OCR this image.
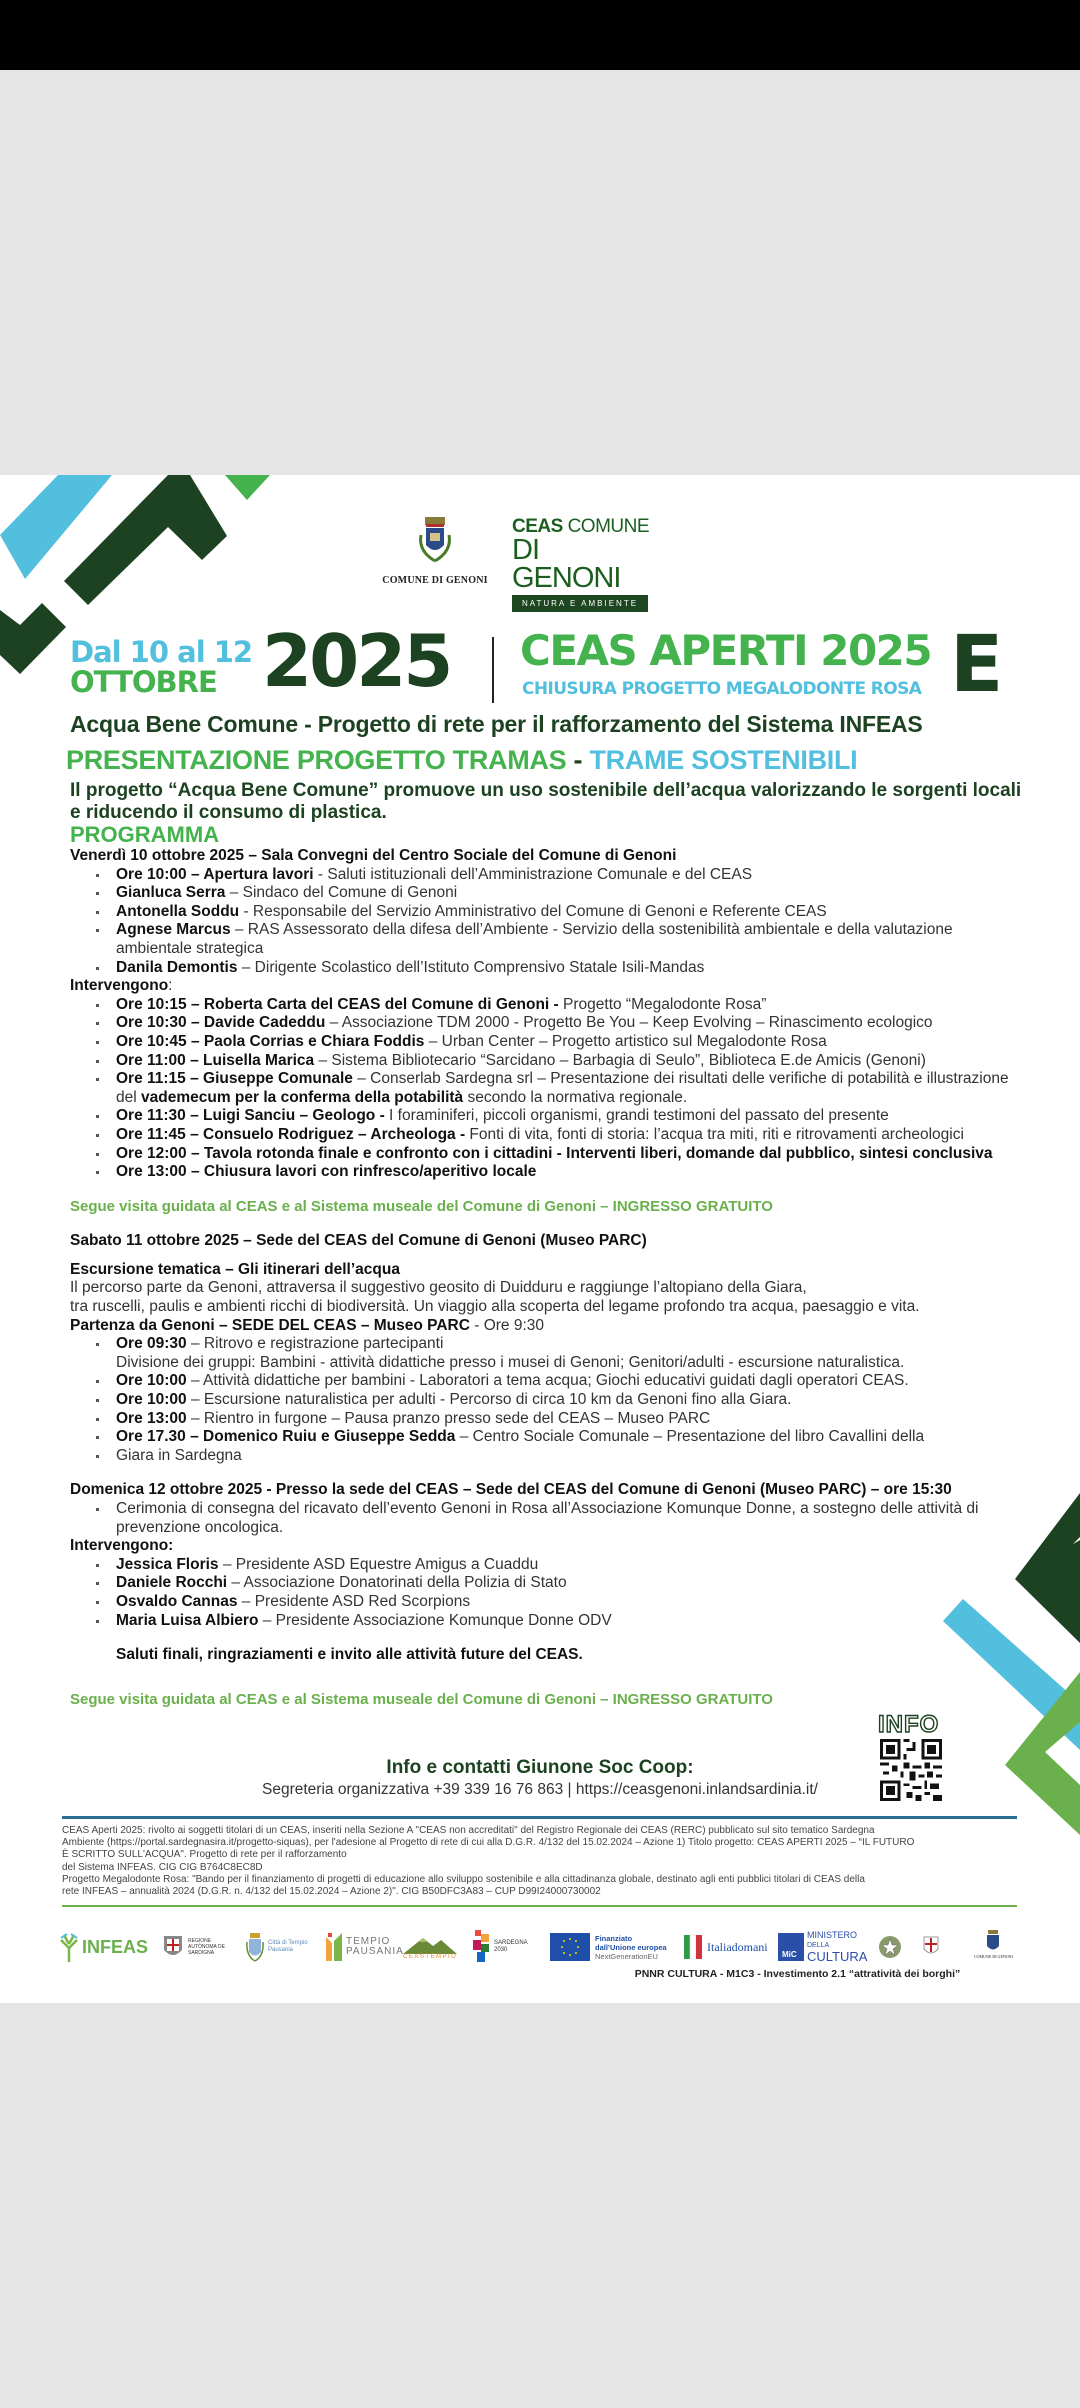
COMUNE DI GENONI
CEAS COMUNE
DI GENONI
NATURA E AMBIENTE
Dal 10 al 12
OTTOBRE 2025 CEAS APERTI 2025
CHIUSURA PROGETTO MEGALODONTE ROSA E
Acqua Bene Comune - Progetto di rete per il rafforzamento del Sistema INFEAS
PRESENTAZIONE PROGETTO TRAMAS - TRAME SOSTENIBILI
Il progetto “Acqua Bene Comune” promuove un uso sostenibile dell’acqua valorizzando le sorgenti locali e riducendo il consumo di plastica.
PROGRAMMA
Venerdì 10 ottobre 2025 – Sala Convegni del Centro Sociale del Comune di Genoni
Ore 10:00 – Apertura lavori - Saluti istituzionali dell’Amministrazione Comunale e del CEAS
Gianluca Serra – Sindaco del Comune di Genoni
Antonella Soddu - Responsabile del Servizio Amministrativo del Comune di Genoni e Referente CEAS
Agnese Marcus – RAS Assessorato della difesa dell’Ambiente - Servizio della sostenibilità ambientale e della valutazione ambientale strategica
Danila Demontis – Dirigente Scolastico dell’Istituto Comprensivo Statale Isili-Mandas
Intervengono:
Ore 10:15 – Roberta Carta del CEAS del Comune di Genoni - Progetto “Megalodonte Rosa”
Ore 10:30 – Davide Cadeddu – Associazione TDM 2000 - Progetto Be You – Keep Evolving – Rinascimento ecologico
Ore 10:45 – Paola Corrias e Chiara Foddis – Urban Center – Progetto artistico sul Megalodonte Rosa
Ore 11:00 – Luisella Marica – Sistema Bibliotecario “Sarcidano – Barbagia di Seulo”, Biblioteca E.de Amicis (Genoni)
Ore 11:15 – Giuseppe Comunale – Conserlab Sardegna srl – Presentazione dei risultati delle verifiche di potabilità e illustrazione del vademecum per la conferma della potabilità secondo la normativa regionale.
Ore 11:30 – Luigi Sanciu – Geologo - I foraminiferi, piccoli organismi, grandi testimoni del passato del presente
Ore 11:45 – Consuelo Rodriguez – Archeologa - Fonti di vita, fonti di storia: l’acqua tra miti, riti e ritrovamenti archeologici
Ore 12:00 – Tavola rotonda finale e confronto con i cittadini - Interventi liberi, domande dal pubblico, sintesi conclusiva
Ore 13:00 – Chiusura lavori con rinfresco/aperitivo locale
Segue visita guidata al CEAS e al Sistema museale del Comune di Genoni – INGRESSO GRATUITO
Sabato 11 ottobre 2025 – Sede del CEAS del Comune di Genoni (Museo PARC)
Escursione tematica – Gli itinerari dell’acqua
Il percorso parte da Genoni, attraversa il suggestivo geosito di Duidduru e raggiunge l’altopiano della Giara,
tra ruscelli, paulis e ambienti ricchi di biodiversità. Un viaggio alla scoperta del legame profondo tra acqua, paesaggio e vita.
Partenza da Genoni – SEDE DEL CEAS – Museo PARC - Ore 9:30
Ore 09:30 – Ritrovo e registrazione partecipanti
Divisione dei gruppi: Bambini - attività didattiche presso i musei di Genoni; Genitori/adulti - escursione naturalistica.
Ore 10:00 – Attività didattiche per bambini - Laboratori a tema acqua; Giochi educativi guidati dagli operatori CEAS.
Ore 10:00 – Escursione naturalistica per adulti - Percorso di circa 10 km da Genoni fino alla Giara.
Ore 13:00 – Rientro in furgone – Pausa pranzo presso sede del CEAS – Museo PARC
Ore 17.30 – Domenico Ruiu e Giuseppe Sedda – Centro Sociale Comunale – Presentazione del libro Cavallini della
Giara in Sardegna
Domenica 12 ottobre 2025 - Presso la sede del CEAS – Sede del CEAS del Comune di Genoni (Museo PARC) – ore 15:30
Cerimonia di consegna del ricavato dell’evento Genoni in Rosa all’Associazione Komunque Donne, a sostegno delle attività di prevenzione oncologica.
Intervengono:
Jessica Floris – Presidente ASD Equestre Amigus a Cuaddu
Daniele Rocchi – Associazione Donatorinati della Polizia di Stato
Osvaldo Cannas – Presidente ASD Red Scorpions
Maria Luisa Albiero – Presidente Associazione Komunque Donne ODV
Saluti finali, ringraziamenti e invito alle attività future del CEAS.
Segue visita guidata al CEAS e al Sistema museale del Comune di Genoni – INGRESSO GRATUITO
INFO
Info e contatti Giunone Soc Coop:
Segreteria organizzativa +39 339 16 76 863 | https://ceasgenoni.inlandsardinia.it/
CEAS Aperti 2025: rivolto ai soggetti titolari di un CEAS, inseriti nella Sezione A "CEAS non accreditati" del Registro Regionale dei CEAS (RERC) pubblicato sul sito tematico Sardegna
Ambiente (https://portal.sardegnasira.it/progetto-siquas), per l'adesione al Progetto di rete di cui alla D.G.R. 4/132 del 15.02.2024 – Azione 1) Titolo progetto: CEAS APERTI 2025 – “IL FUTURO
È SCRITTO SULL'ACQUA". Progetto di rete per il rafforzamento
del Sistema INFEAS. CIG CIG B764C8EC8D
Progetto Megalodonte Rosa: "Bando per il finanziamento di progetti di educazione allo sviluppo sostenibile e alla cittadinanza globale, destinato agli enti pubblici titolari di CEAS della
rete INFEAS – annualità 2024 (D.G.R. n. 4/132 del 15.02.2024 – Azione 2)". CIG B50DFC3A83 – CUP D99I24000730002
INFEAS	REGIONE AUTÒNOMA DE SARDIGNA
Città di Tempio Pausania
TEMPIO
PAUSANIA CEASTEMPIO
SARDEGNA 2030
Finanziato
dall’Unione europea
NextGenerationEU
Italiadomani
MiC
MINISTERO
DELLA
CULTURA	COMUNE DI GENONI
PNNR CULTURA - M1C3 - Investimento 2.1 “attratività dei borghi”
